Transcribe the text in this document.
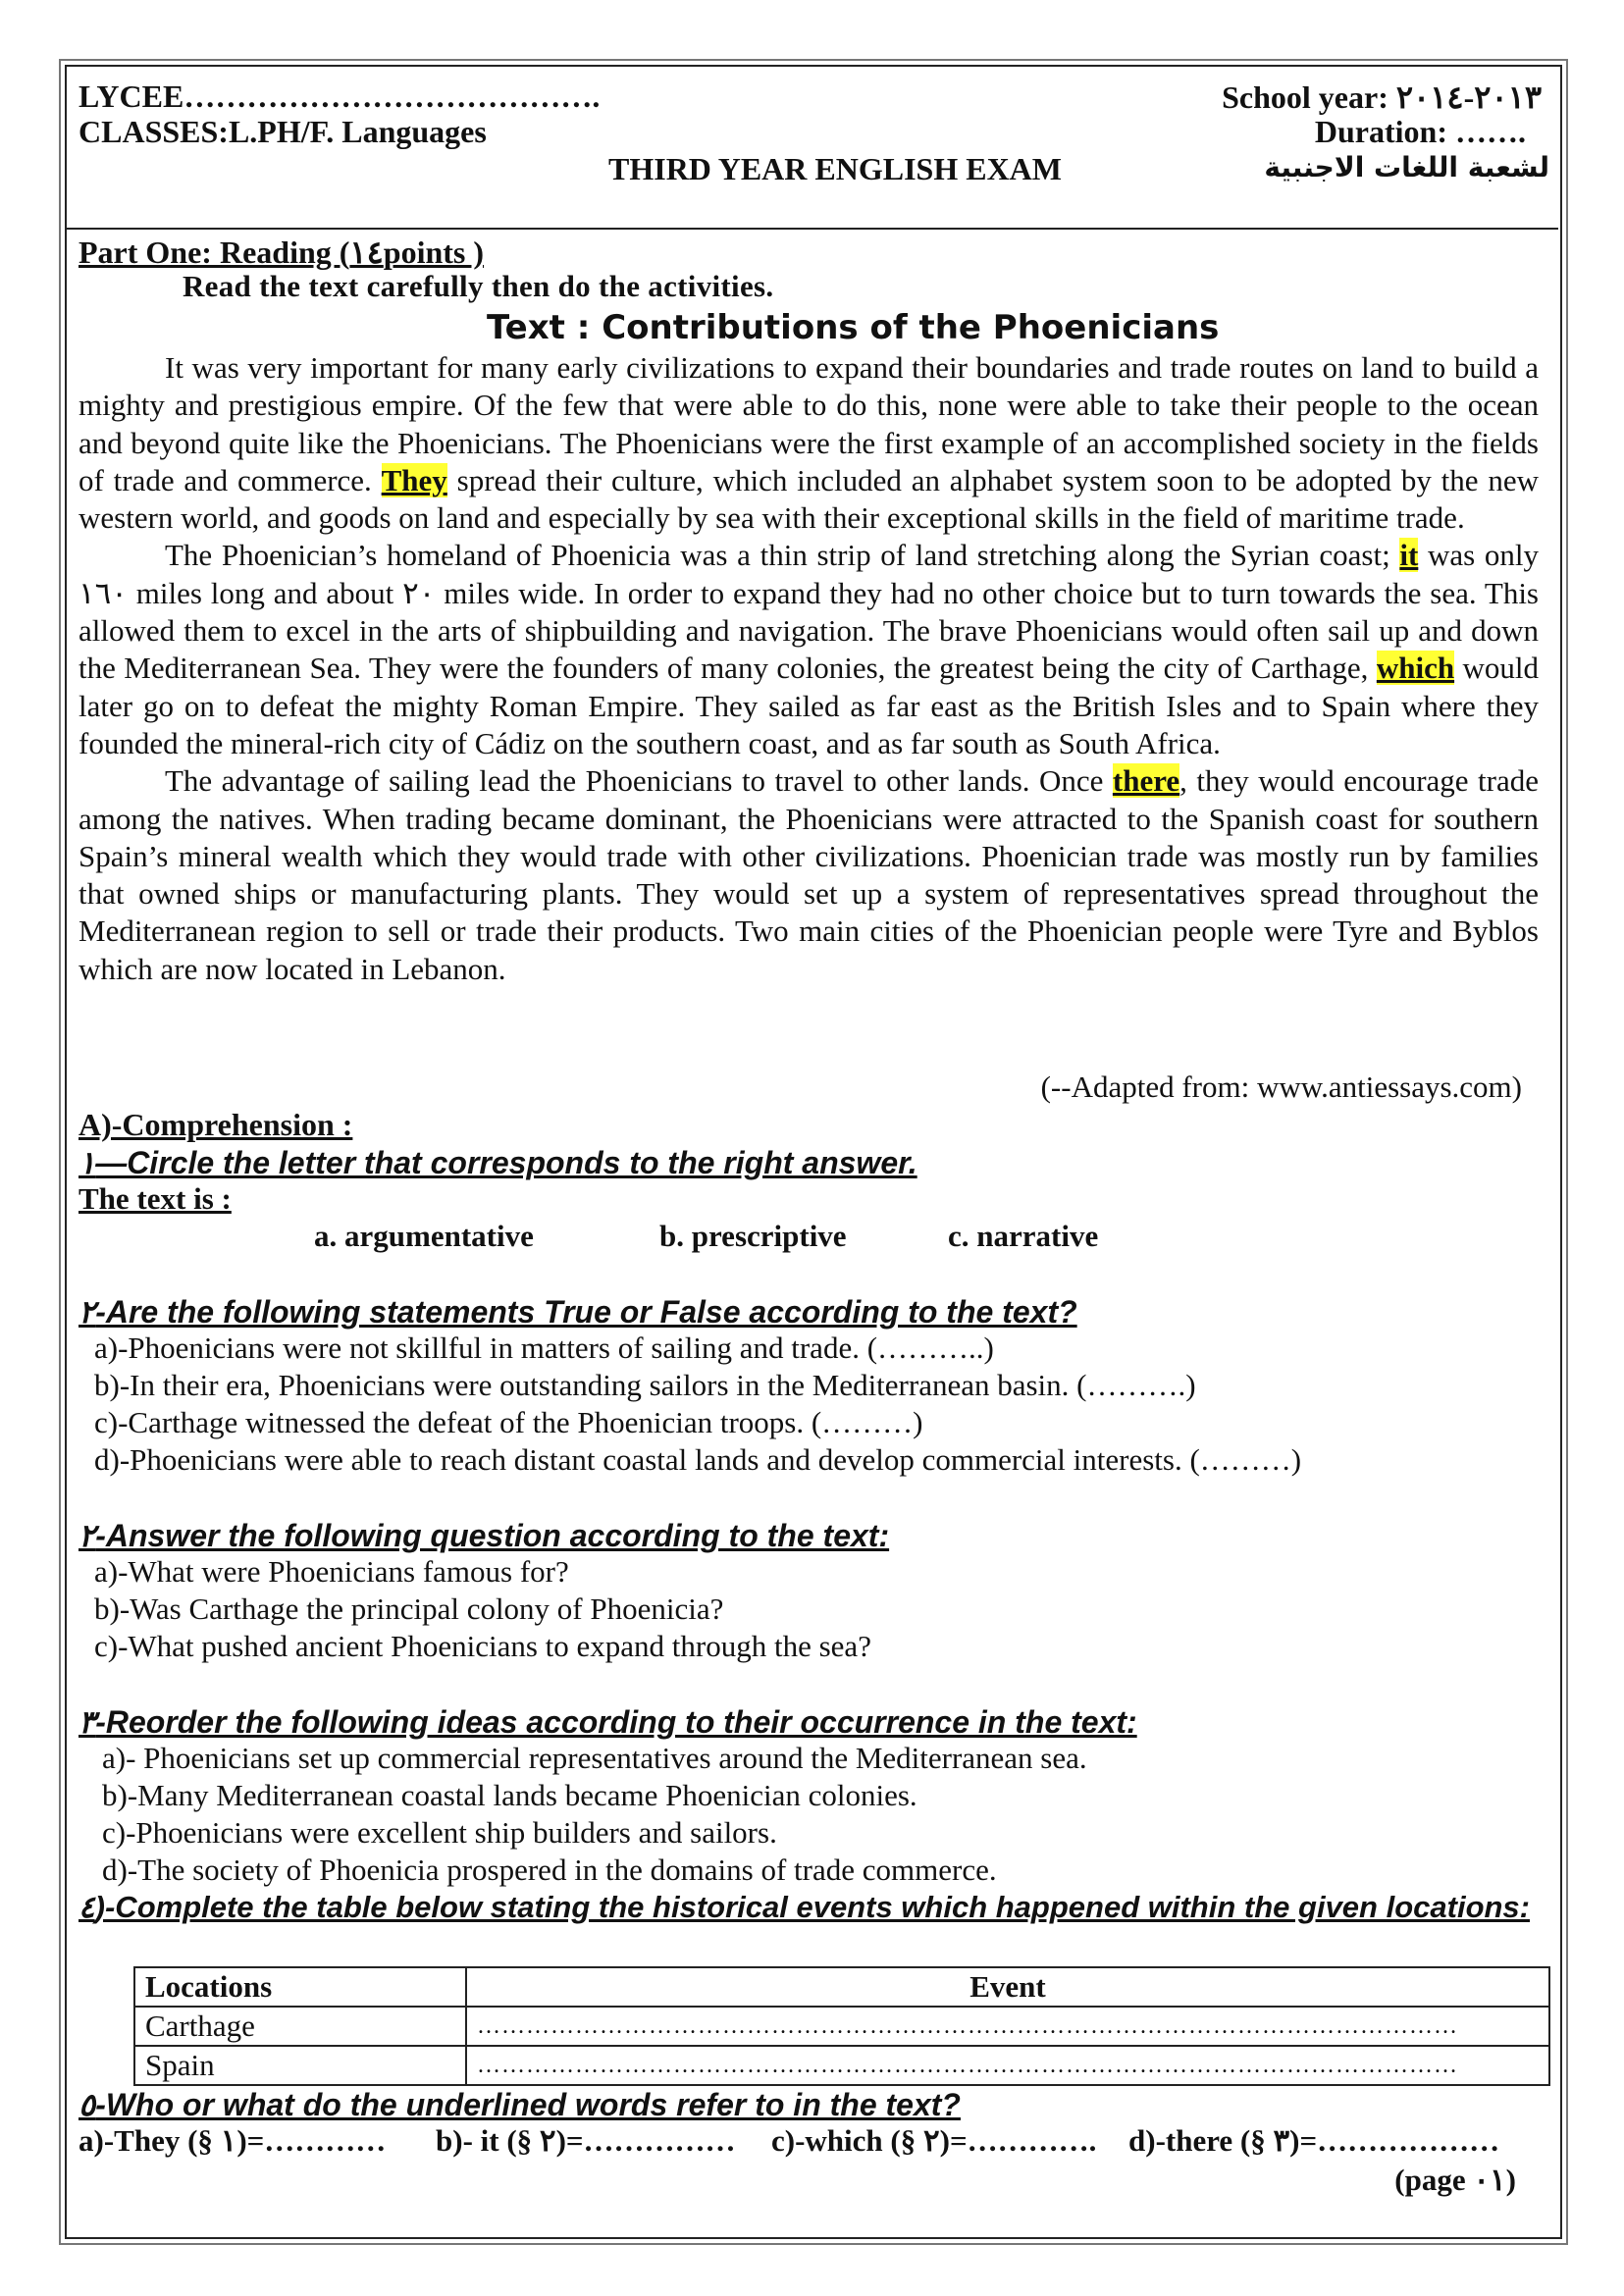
LYCEE………………………………….
CLASSES:L.PH/F. Languages
School year: ٢٠١٣-٢٠١٤
Duration: …….
THIRD YEAR ENGLISH EXAM	لشعبة اللغات الاجنبية
Part One: Reading (١٤points )
Read the text carefully then do the activities.
Text : Contributions of the Phoenicians

It was very important for many early civilizations to expand their boundaries and trade routes on land to build a mighty and prestigious empire. Of the few that were able to do this, none were able to take their people to the ocean and beyond quite like the Phoenicians. The Phoenicians were the first example of an accomplished society in the fields of trade and commerce. They spread their culture, which included an alphabet system soon to be adopted by the new western world, and goods on land and especially by sea with their exceptional skills in the field of maritime trade.

The Phoenician’s homeland of Phoenicia was a thin strip of land stretching along the Syrian coast; it was only ١٦٠ miles long and about ٢٠ miles wide. In order to expand they had no other choice but to turn towards the sea. This allowed them to excel in the arts of shipbuilding and navigation. The brave Phoenicians would often sail up and down the Mediterranean Sea. They were the founders of many colonies, the greatest being the city of Carthage, which would later go on to defeat the mighty Roman Empire. They sailed as far east as the British Isles and to Spain where they founded the mineral-rich city of Cádiz on the southern coast, and as far south as South Africa.

The advantage of sailing lead the Phoenicians to travel to other lands. Once there, they would encourage trade among the natives. When trading became dominant, the Phoenicians were attracted to the Spanish coast for southern Spain’s mineral wealth which they would trade with other civilizations. Phoenician trade was mostly run by families that owned ships or manufacturing plants. They would set up a system of representatives spread throughout the Mediterranean region to sell or trade their products. Two main cities of the Phoenician people were Tyre and Byblos which are now located in Lebanon.

(--Adapted from: www.antiessays.com)
A)-Comprehension :
١—Circle the letter that corresponds to the right answer.
The text is :
a. argumentative	b. prescriptive	c. narrative
٢-Are the following statements True or False according to the text?
a)-Phoenicians were not skillful in matters of sailing and trade. (………..)
b)-In their era, Phoenicians were outstanding sailors in the Mediterranean basin. (……….)
c)-Carthage witnessed the defeat of the Phoenician troops. (………)
d)-Phoenicians were able to reach distant coastal lands and develop commercial interests. (………)
٢-Answer the following question according to the text:
a)-What were Phoenicians famous for?
b)-Was Carthage the principal colony of Phoenicia?
c)-What pushed ancient Phoenicians to expand through the sea?
٣-Reorder the following ideas according to their occurrence in the text:
a)- Phoenicians set up commercial representatives around the Mediterranean sea.
b)-Many Mediterranean coastal lands became Phoenician colonies.
c)-Phoenicians were excellent ship builders and sailors.
d)-The society of Phoenicia prospered in the domains of trade commerce.
٤)-Complete the table below stating the historical events which happened within the given locations:
Locations	Event
Carthage	…………………………………………………………………………………………………………
Spain	…………………………………………………………………………………………………………
٥-Who or what do the underlined words refer to in the text?
a)-They (§ ١)=………… b)- it (§ ٢)=…………… c)-which (§ ٢)=…………. d)-there (§ ٣)=………………
(page ٠١)
